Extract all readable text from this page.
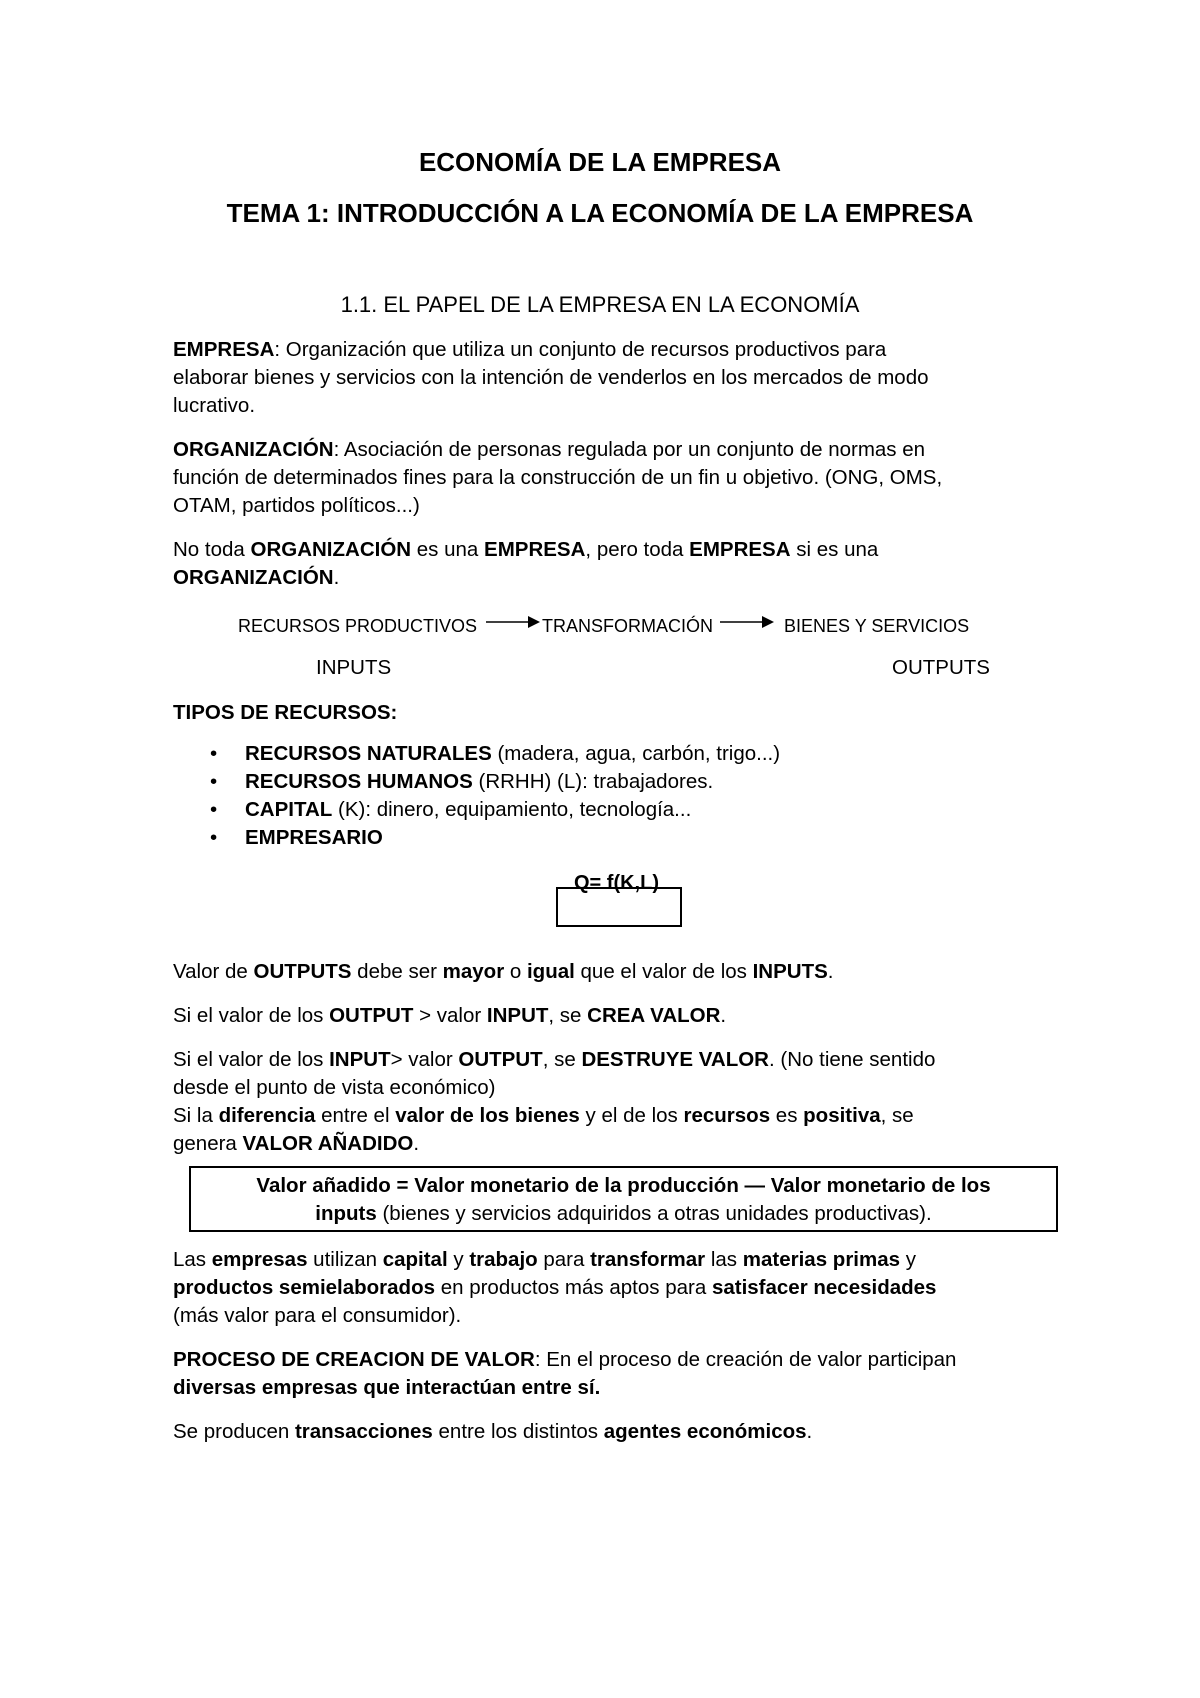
ECONOMÍA DE LA EMPRESA
TEMA 1: INTRODUCCIÓN A LA ECONOMÍA DE LA EMPRESA
1.1. EL PAPEL DE LA EMPRESA EN LA ECONOMÍA
EMPRESA: Organización que utiliza un conjunto de recursos productivos para
elaborar bienes y servicios con la intención de venderlos en los mercados de modo
lucrativo.
ORGANIZACIÓN: Asociación de personas regulada por un conjunto de normas en
función de determinados fines para la construcción de un fin u objetivo. (ONG, OMS,
OTAM, partidos políticos...)
No toda ORGANIZACIÓN es una EMPRESA, pero toda EMPRESA si es una
ORGANIZACIÓN.
RECURSOS PRODUCTIVOS	TRANSFORMACIÓN	BIENES Y SERVICIOS
INPUTS	OUTPUTS
TIPOS DE RECURSOS:
• RECURSOS NATURALES (madera, agua, carbón, trigo...)
• RECURSOS HUMANOS (RRHH) (L): trabajadores.
• CAPITAL (K): dinero, equipamiento, tecnología...
• EMPRESARIO
Q= f(K,L)
Valor de OUTPUTS debe ser mayor o igual que el valor de los INPUTS.
Si el valor de los OUTPUT > valor INPUT, se CREA VALOR.
Si el valor de los INPUT> valor OUTPUT, se DESTRUYE VALOR. (No tiene sentido
desde el punto de vista económico)
Si la diferencia entre el valor de los bienes y el de los recursos es positiva, se
genera VALOR AÑADIDO.
Valor añadido = Valor monetario de la producción — Valor monetario de los
inputs (bienes y servicios adquiridos a otras unidades productivas).
Las empresas utilizan capital y trabajo para transformar las materias primas y
productos semielaborados en productos más aptos para satisfacer necesidades
(más valor para el consumidor).
PROCESO DE CREACION DE VALOR: En el proceso de creación de valor participan
diversas empresas que interactúan entre sí.
Se producen transacciones entre los distintos agentes económicos.
